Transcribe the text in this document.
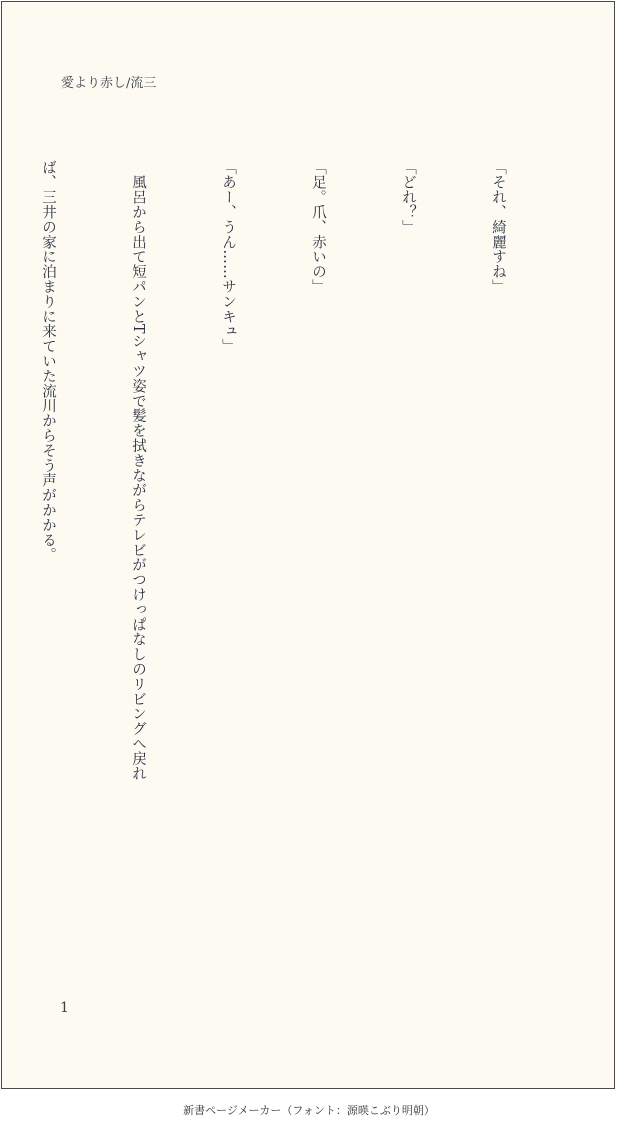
愛より赤し/流三

「それ、綺麗すね」

「どれ？」

「足。爪、赤いの」

「あー、うん……サンキュ」

　風呂から出て短パンとTシャツ姿で髪を拭きながらテレビがつけっぱなしのリビングへ戻れ

ば、三井の家に泊まりに来ていた流川からそう声がかかる。

1
新書ページメーカー（フォント：源暎こぶり明朝）
